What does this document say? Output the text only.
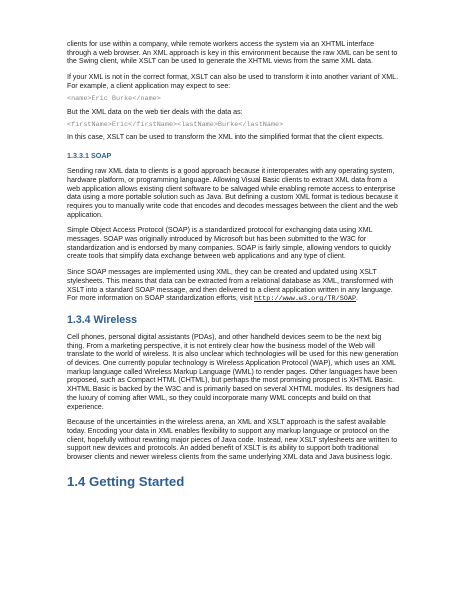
clients for use within a company, while remote workers access the system via an XHTML interface through a web browser. An XML approach is key in this environment because the raw XML can be sent to the Swing client, while XSLT can be used to generate the XHTML views from the same XML data.

If your XML is not in the correct format, XSLT can also be used to transform it into another variant of XML. For example, a client application may expect to see:

<name>Eric Burke</name>

But the XML data on the web tier deals with the data as:

<firstName>Eric</firstName><lastName>Burke</lastName>

In this case, XSLT can be used to transform the XML into the simplified format that the client expects.

1.3.3.1 SOAP

Sending raw XML data to clients is a good approach because it interoperates with any operating system, hardware platform, or programming language. Allowing Visual Basic clients to extract XML data from a web application allows existing client software to be salvaged while enabling remote access to enterprise data using a more portable solution such as Java. But defining a custom XML format is tedious because it requires you to manually write code that encodes and decodes messages between the client and the web application.

Simple Object Access Protocol (SOAP) is a standardized protocol for exchanging data using XML messages. SOAP was originally introduced by Microsoft but has been submitted to the W3C for standardization and is endorsed by many companies. SOAP is fairly simple, allowing vendors to quickly create tools that simplify data exchange between web applications and any type of client.

Since SOAP messages are implemented using XML, they can be created and updated using XSLT stylesheets. This means that data can be extracted from a relational database as XML, transformed with XSLT into a standard SOAP message, and then delivered to a client application written in any language. For more information on SOAP standardization efforts, visit http://www.w3.org/TR/SOAP.

1.3.4 Wireless

Cell phones, personal digital assistants (PDAs), and other handheld devices seem to be the next big thing. From a marketing perspective, it is not entirely clear how the business model of the Web will translate to the world of wireless. It is also unclear which technologies will be used for this new generation of devices. One currently popular technology is Wireless Application Protocol (WAP), which uses an XML markup language called Wireless Markup Language (WML) to render pages. Other languages have been proposed, such as Compact HTML (CHTML), but perhaps the most promising prospect is XHTML Basic. XHTML Basic is backed by the W3C and is primarily based on several XHTML modules. Its designers had the luxury of coming after WML, so they could incorporate many WML concepts and build on that experience.

Because of the uncertainties in the wireless arena, an XML and XSLT approach is the safest available today. Encoding your data in XML enables flexibility to support any markup language or protocol on the client, hopefully without rewriting major pieces of Java code. Instead, new XSLT stylesheets are written to support new devices and protocols. An added benefit of XSLT is its ability to support both traditional browser clients and newer wireless clients from the same underlying XML data and Java business logic.

1.4 Getting Started
